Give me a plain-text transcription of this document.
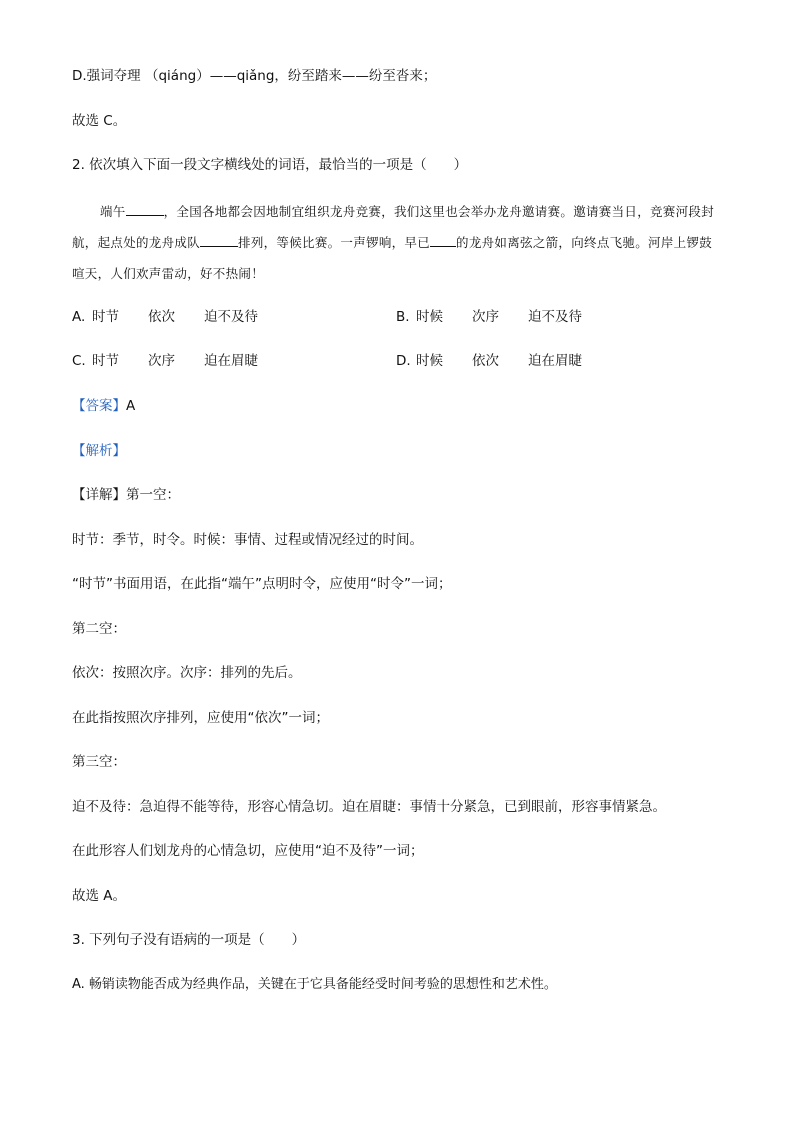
D.强词夺理 （qiáng）——qiǎng，纷至踏来——纷至沓来；
故选 C。
2. 依次填入下面一段文字横线处的词语，最恰当的一项是（　　）
端午	，全国各地都会因地制宜组织龙舟竞赛，我们这里也会举办龙舟邀请赛。邀请赛当日，竞赛河段封航，起点处的龙舟成队	排列，等候比赛。一声锣响，早已 的龙舟如离弦之箭，向终点飞驰。河岸上锣鼓喧天，人们欢声雷动，好不热闹！
A. 时节 依次 迫不及待	B. 时候 次序 迫不及待
C. 时节 次序 迫在眉睫	D. 时候 依次 迫在眉睫
【答案】A
【解析】
【详解】第一空：
时节：季节，时令。时候：事情、过程或情况经过的时间。
“时节”书面用语，在此指“端午”点明时令，应使用“时令”一词；
第二空：
依次：按照次序。次序：排列的先后。
在此指按照次序排列，应使用“依次”一词；
第三空：
迫不及待：急迫得不能等待，形容心情急切。迫在眉睫：事情十分紧急，已到眼前，形容事情紧急。
在此形容人们划龙舟的心情急切，应使用“迫不及待”一词；
故选 A。
3. 下列句子没有语病的一项是（　　）
A. 畅销读物能否成为经典作品，关键在于它具备能经受时间考验的思想性和艺术性。
